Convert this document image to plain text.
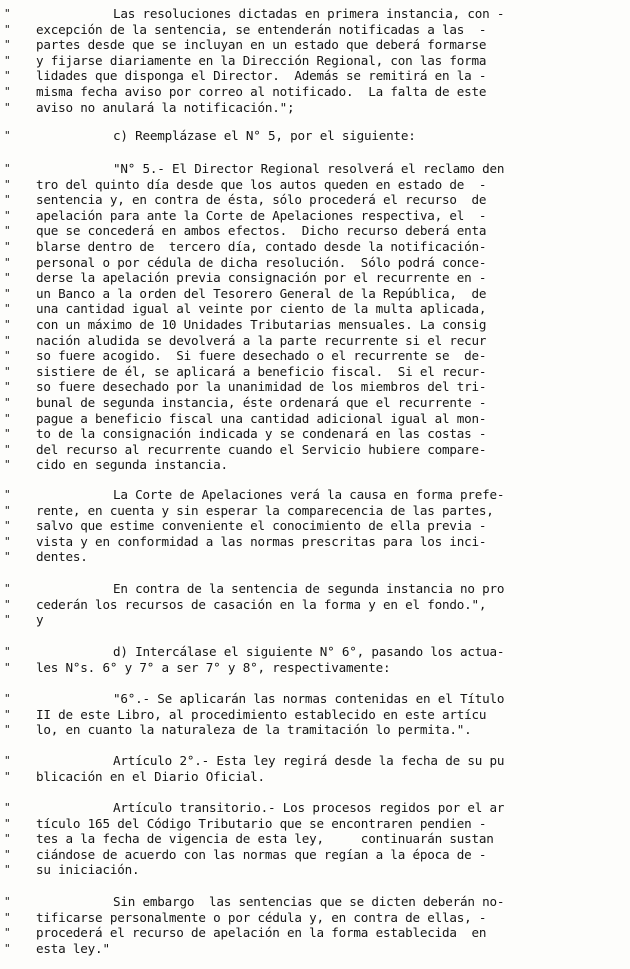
"	Las resoluciones dictadas en primera instancia, con -
"	excepción de la sentencia, se entenderán notificadas a las  -
"	partes desde que se incluyan en un estado que deberá formarse
"	y fijarse diariamente en la Dirección Regional, con las forma
"	lidades que disponga el Director.  Además se remitirá en la -
"	misma fecha aviso por correo al notificado.  La falta de este
"	aviso no anulará la notificación.";
"	c) Reemplázase el N° 5, por el siguiente:
"	"N° 5.- El Director Regional resolverá el reclamo den
"	tro del quinto día desde que los autos queden en estado de  -
"	sentencia y, en contra de ésta, sólo procederá el recurso  de
"	apelación para ante la Corte de Apelaciones respectiva, el  -
"	que se concederá en ambos efectos.  Dicho recurso deberá enta
"	blarse dentro de  tercero día, contado desde la notificación-
"	personal o por cédula de dicha resolución.  Sólo podrá conce-
"	derse la apelación previa consignación por el recurrente en -
"	un Banco a la orden del Tesorero General de la República,  de
"	una cantidad igual al veinte por ciento de la multa aplicada,
"	con un máximo de 10 Unidades Tributarias mensuales. La consig
"	nación aludida se devolverá a la parte recurrente si el recur
"	so fuere acogido.  Si fuere desechado o el recurrente se  de-
"	sistiere de él, se aplicará a beneficio fiscal.  Si el recur-
"	so fuere desechado por la unanimidad de los miembros del tri-
"	bunal de segunda instancia, éste ordenará que el recurrente -
"	pague a beneficio fiscal una cantidad adicional igual al mon-
"	to de la consignación indicada y se condenará en las costas -
"	del recurso al recurrente cuando el Servicio hubiere compare-
"	cido en segunda instancia.
"	La Corte de Apelaciones verá la causa en forma prefe-
"	rente, en cuenta y sin esperar la comparecencia de las partes,
"	salvo que estime conveniente el conocimiento de ella previa -
"	vista y en conformidad a las normas prescritas para los inci-
"	dentes.
"	En contra de la sentencia de segunda instancia no pro
"	cederán los recursos de casación en la forma y en el fondo.",
"	y
"	d) Intercálase el siguiente N° 6°, pasando los actua-
"	les N°s. 6° y 7° a ser 7° y 8°, respectivamente:
"	"6°.- Se aplicarán las normas contenidas en el Título
"	II de este Libro, al procedimiento establecido en este artícu
"	lo, en cuanto la naturaleza de la tramitación lo permita.".
"	Artículo 2°.- Esta ley regirá desde la fecha de su pu
"	blicación en el Diario Oficial.
"	Artículo transitorio.- Los procesos regidos por el ar
"	tículo 165 del Código Tributario que se encontraren pendien -
"	tes a la fecha de vigencia de esta ley,     continuarán sustan
"	ciándose de acuerdo con las normas que regían a la época de -
"	su iniciación.
"	Sin embargo  las sentencias que se dicten deberán no-
"	tificarse personalmente o por cédula y, en contra de ellas, -
"	procederá el recurso de apelación en la forma establecida  en
"	esta ley."
